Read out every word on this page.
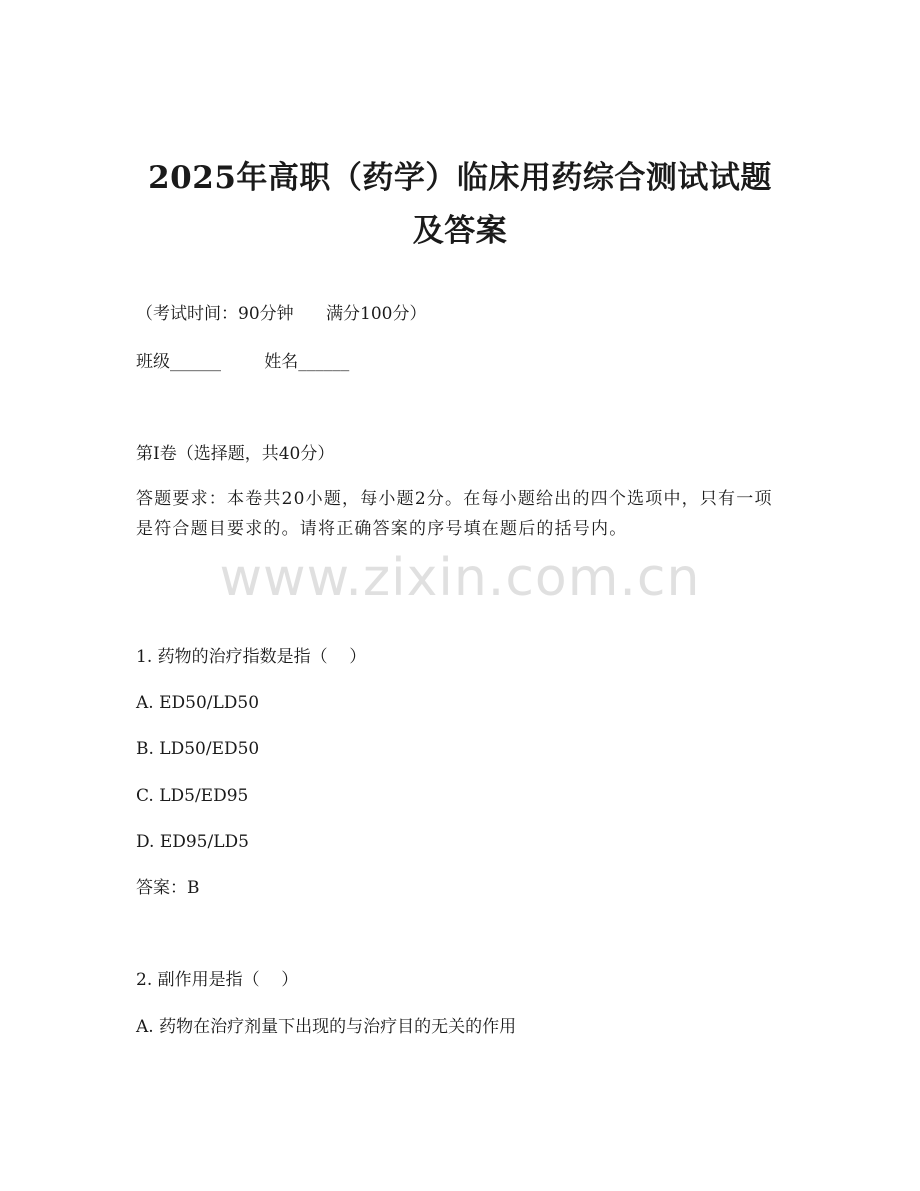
2025年高职（药学）临床用药综合测试试题
及答案

（考试时间：90分钟      满分100分）

班级______        姓名______

第I卷（选择题，共40分）

答题要求：本卷共20小题，每小题2分。在每小题给出的四个选项中，只有一项是符合题目要求的。请将正确答案的序号填在题后的括号内。

www.zixin.com.cn

1. 药物的治疗指数是指（    ）

A. ED50/LD50

B. LD50/ED50

C. LD5/ED95

D. ED95/LD5

答案：B

2. 副作用是指（    ）

A. 药物在治疗剂量下出现的与治疗目的无关的作用
